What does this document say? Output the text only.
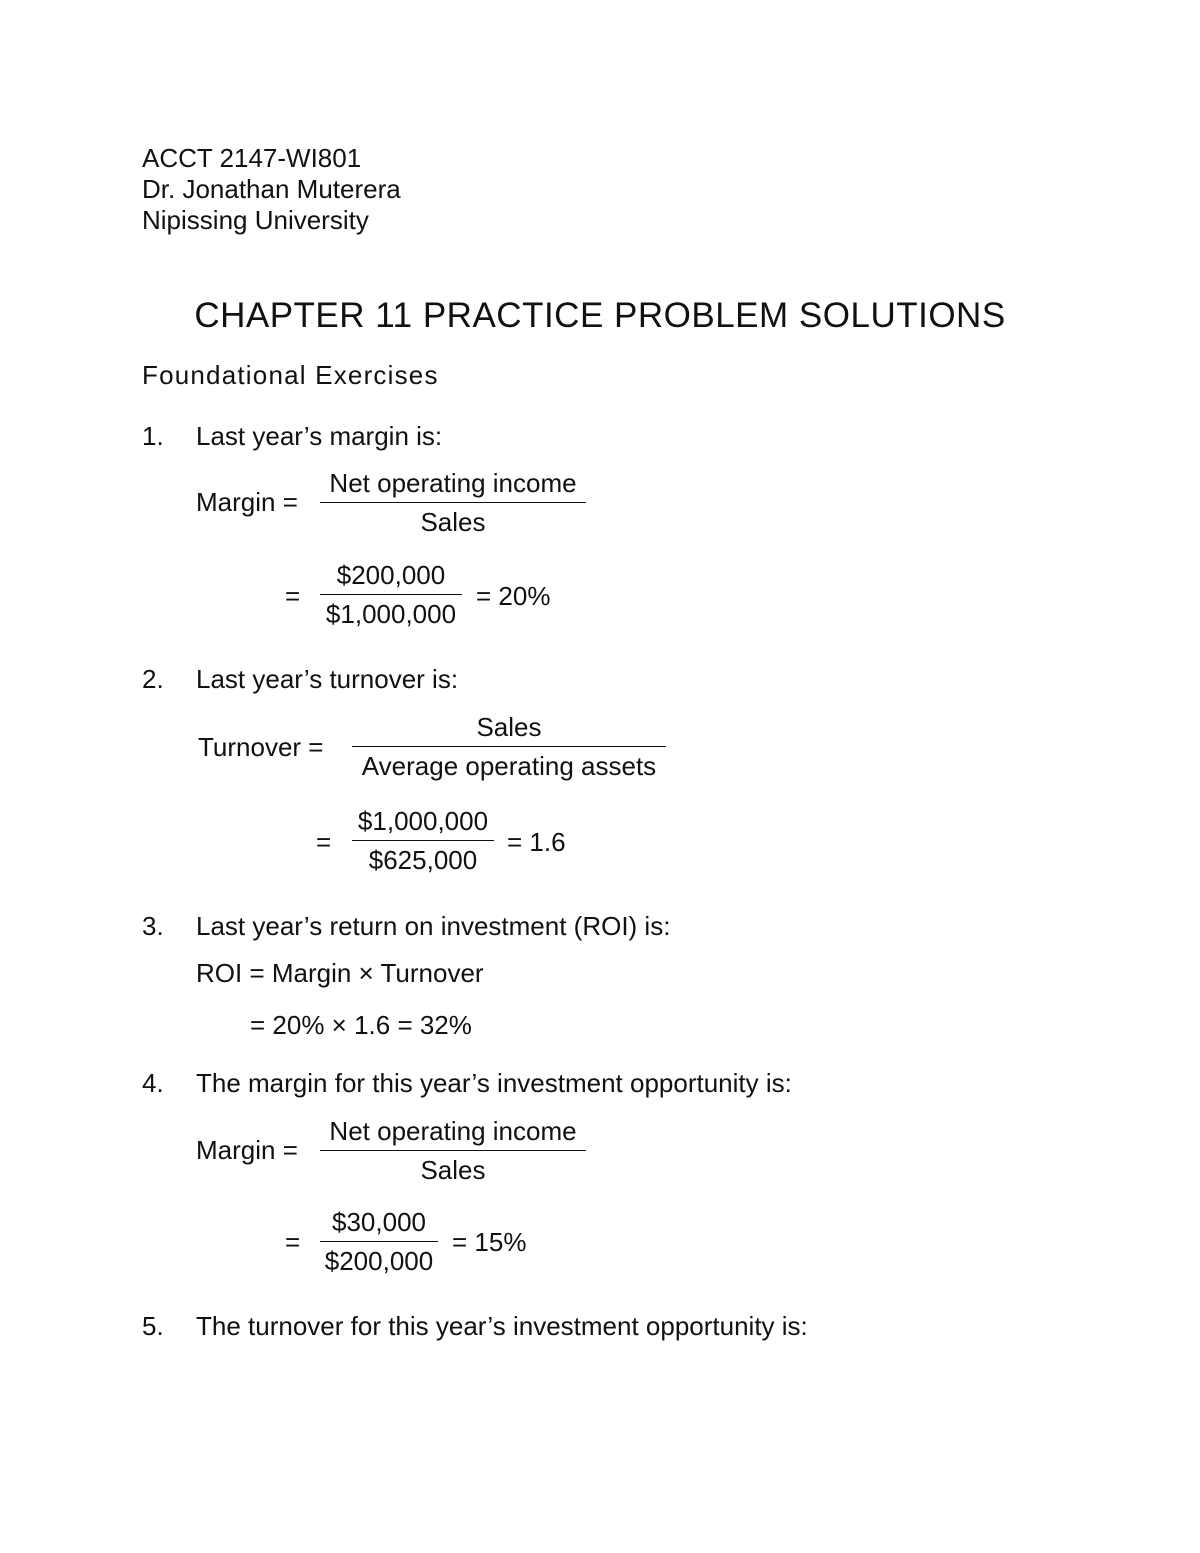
ACCT 2147-WI801
Dr. Jonathan Muterera
Nipissing University
CHAPTER 11 PRACTICE PROBLEM SOLUTIONS
Foundational Exercises
1. Last year’s margin is:
Margin =
Net operating income
Sales
= $\frac{\$200,000}{\$1,000,000} = 20\%$
2. Last year’s turnover is:
Turnover =
Sales
Average operating assets
= $\frac{\$1,000,000}{\$625,000} = 1.6$
3. Last year’s return on investment (ROI) is:
ROI = Margin × Turnover
= 20% × 1.6 = 32%
4. The margin for this year’s investment opportunity is:
Margin =
Net operating income
Sales
= $\frac{\$30,000}{\$200,000} = 15\%$
5. The turnover for this year’s investment opportunity is:
